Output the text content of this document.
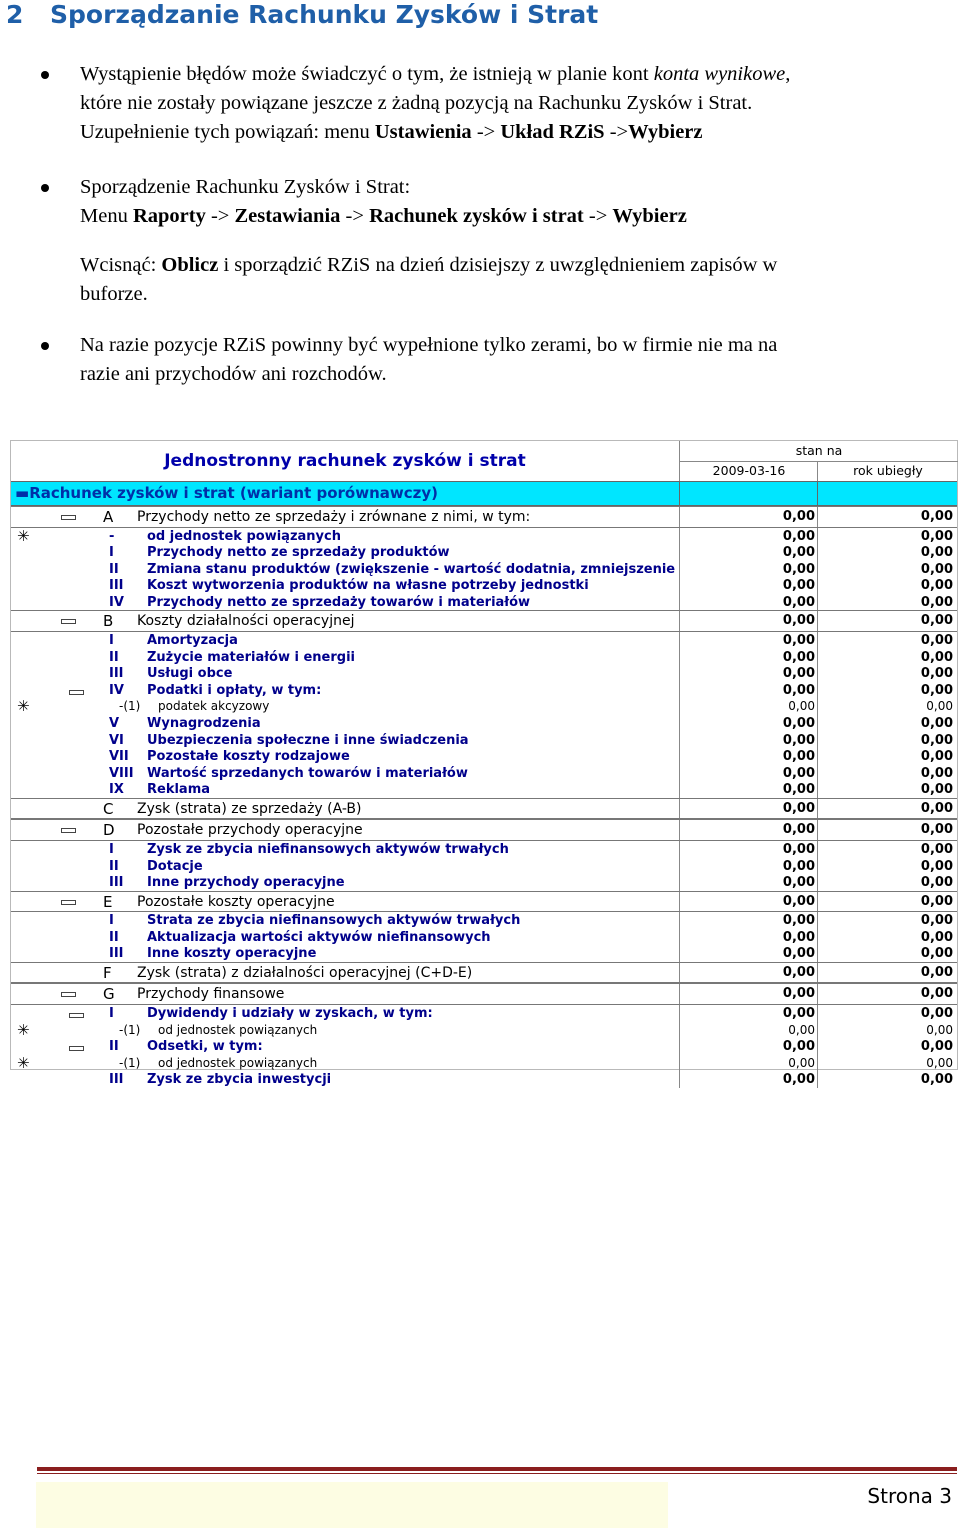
2 Sporządzanie Rachunku Zysków i Strat
Wystąpienie błędów może świadczyć o tym, że istnieją w planie kont konta wynikowe,
które nie zostały powiązane jeszcze z żadną pozycją na Rachunku Zysków i Strat.
Uzupełnienie tych powiązań: menu Ustawienia -> Układ RZiS ->Wybierz
Sporządzenie Rachunku Zysków i Strat:
Menu Raporty -> Zestawiania -> Rachunek zysków i strat -> Wybierz
Wcisnąć: Oblicz i sporządzić RZiS na dzień dzisiejszy z uwzględnieniem zapisów w
buforze.
Na razie pozycje RZiS powinny być wypełnione tylko zerami, bo w firmie nie ma na
razie ani przychodów ani rozchodów.
Jednostronny rachunek zysków i strat
stan na
2009-03-16	rok ubiegły
▬Rachunek zysków i strat (wariant porównawczy)
A Przychody netto ze sprzedaży i zrównane z nimi, w tym:	0,00	0,00
✳	-	od jednostek powiązanych	0,00	0,00
I	Przychody netto ze sprzedaży produktów	0,00	0,00
II Zmiana stanu produktów (zwiększenie - wartość dodatnia, zmniejszenie	0,00	0,00
III Koszt wytworzenia produktów na własne potrzeby jednostki	0,00	0,00
IV Przychody netto ze sprzedaży towarów i materiałów	0,00	0,00
B Koszty działalności operacyjnej	0,00	0,00
I	Amortyzacja	0,00	0,00
II Zużycie materiałów i energii	0,00	0,00
III Usługi obce	0,00	0,00
IV Podatki i opłaty, w tym:	0,00	0,00
✳	-(1) podatek akcyzowy	0,00	0,00
V Wynagrodzenia	0,00	0,00
VI Ubezpieczenia społeczne i inne świadczenia	0,00	0,00
VII Pozostałe koszty rodzajowe	0,00	0,00
VIII Wartość sprzedanych towarów i materiałów	0,00	0,00
IX Reklama	0,00	0,00
C Zysk (strata) ze sprzedaży (A-B)	0,00	0,00
D Pozostałe przychody operacyjne	0,00	0,00
I	Zysk ze zbycia niefinansowych aktywów trwałych	0,00	0,00
II Dotacje	0,00	0,00
III Inne przychody operacyjne	0,00	0,00
E Pozostałe koszty operacyjne	0,00	0,00
I	Strata ze zbycia niefinansowych aktywów trwałych	0,00	0,00
II Aktualizacja wartości aktywów niefinansowych	0,00	0,00
III Inne koszty operacyjne	0,00	0,00
F Zysk (strata) z działalności operacyjnej (C+D-E)	0,00	0,00
G Przychody finansowe	0,00	0,00
I	Dywidendy i udziały w zyskach, w tym:	0,00	0,00
✳	-(1) od jednostek powiązanych	0,00	0,00
II Odsetki, w tym:	0,00	0,00
✳	-(1) od jednostek powiązanych	0,00	0,00
III Zysk ze zbycia inwestycji	0,00	0,00
Strona 3
